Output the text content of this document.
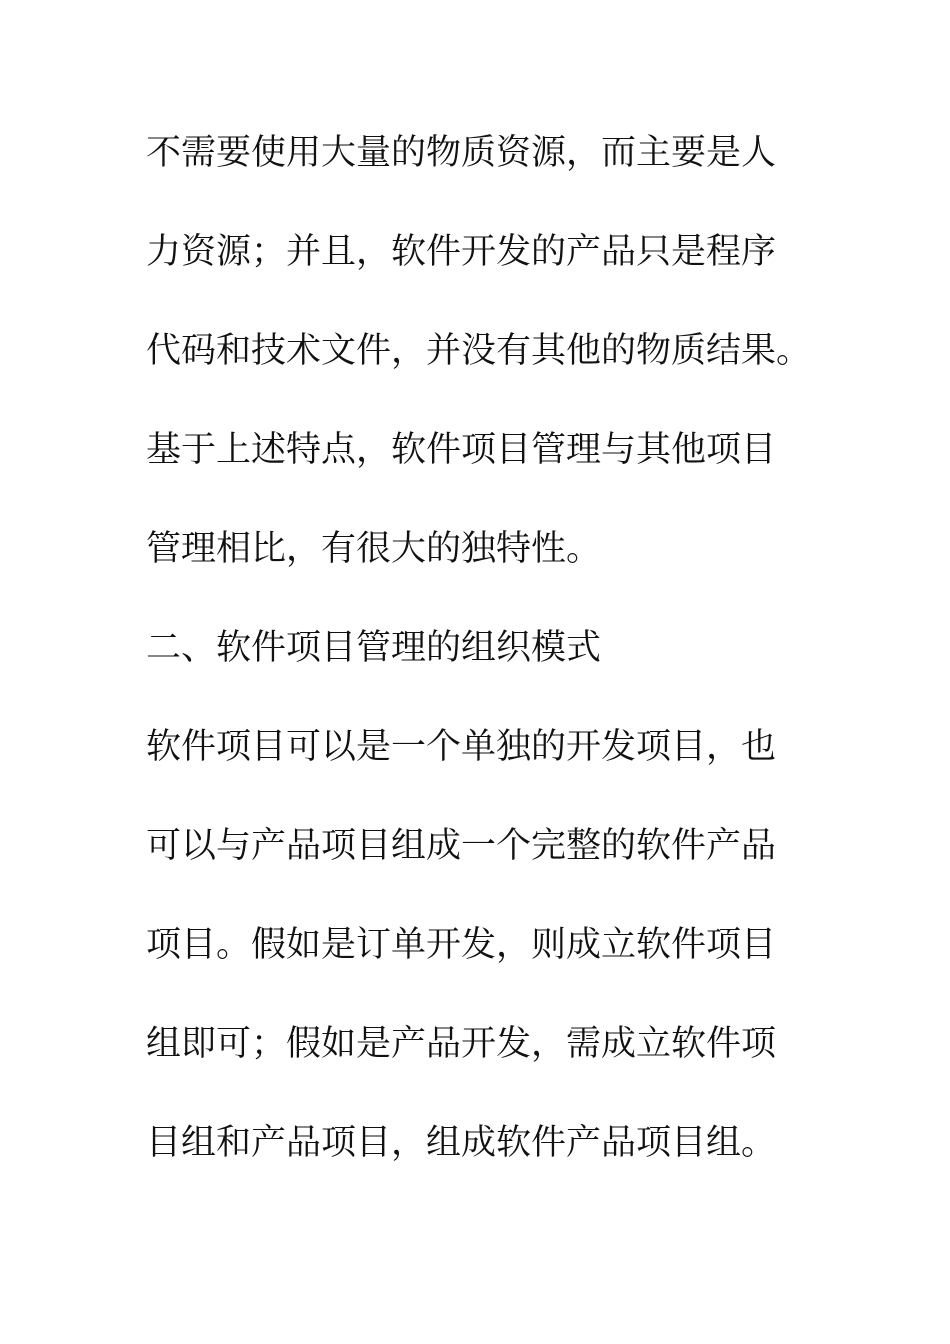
不需要使用大量的物质资源，而主要是人
力资源；并且，软件开发的产品只是程序
代码和技术文件，并没有其他的物质结果。
基于上述特点，软件项目管理与其他项目
管理相比，有很大的独特性。
二、软件项目管理的组织模式
软件项目可以是一个单独的开发项目，也
可以与产品项目组成一个完整的软件产品
项目。假如是订单开发，则成立软件项目
组即可；假如是产品开发，需成立软件项
目组和产品项目，组成软件产品项目组。
